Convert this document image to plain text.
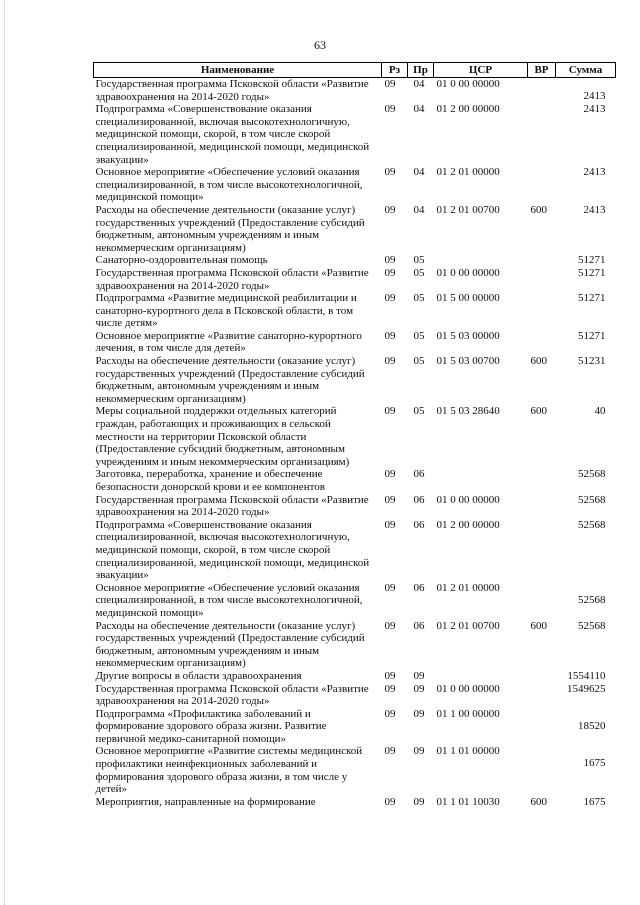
63
Наименование	Рз	Пр	ЦСР	ВР	Сумма
Государственная программа Псковской области «Развитие здравоохранения на 2014-2020 годы»	09	04	01 0 00 00000		2413
Подпрограмма «Совершенствование оказания специализированной, включая высокотехнологичную, медицинской помощи, скорой, в том числе скорой специализированной, медицинской помощи, медицинской эвакуации»	09	04	01 2 00 00000		2413
Основное мероприятие «Обеспечение условий оказания специализированной, в том числе высокотехнологичной, медицинской помощи»	09	04	01 2 01 00000		2413
Расходы на обеспечение деятельности (оказание услуг) государственных учреждений (Предоставление субсидий бюджетным, автономным учреждениям и иным некоммерческим организациям)	09	04	01 2 01 00700	600	2413
Санаторно-оздоровительная помощь	09	05			51271
Государственная программа Псковской области «Развитие здравоохранения на 2014-2020 годы»	09	05	01 0 00 00000		51271
Подпрограмма «Развитие медицинской реабилитации и санаторно-курортного дела в Псковской области, в том числе детям»	09	05	01 5 00 00000		51271
Основное мероприятие «Развитие санаторно-курортного лечения, в том числе для детей»	09	05	01 5 03 00000		51271
Расходы на обеспечение деятельности (оказание услуг) государственных учреждений (Предоставление субсидий бюджетным, автономным учреждениям и иным некоммерческим организациям)	09	05	01 5 03 00700	600	51231
Меры социальной поддержки отдельных категорий граждан, работающих и проживающих в сельской местности на территории Псковской области (Предоставление субсидий бюджетным, автономным учреждениям и иным некоммерческим организациям)	09	05	01 5 03 28640	600	40
Заготовка, переработка, хранение и обеспечение безопасности донорской крови и ее компонентов	09	06			52568
Государственная программа Псковской области «Развитие здравоохранения на 2014-2020 годы»	09	06	01 0 00 00000		52568
Подпрограмма «Совершенствование оказания специализированной, включая высокотехнологичную, медицинской помощи, скорой, в том числе скорой специализированной, медицинской помощи, медицинской эвакуации»	09	06	01 2 00 00000		52568
Основное мероприятие «Обеспечение условий оказания специализированной, в том числе высокотехнологичной, медицинской помощи»	09	06	01 2 01 00000		52568
Расходы на обеспечение деятельности (оказание услуг) государственных учреждений (Предоставление субсидий бюджетным, автономным учреждениям и иным некоммерческим организациям)	09	06	01 2 01 00700	600	52568
Другие вопросы в области здравоохранения	09	09			1554110
Государственная программа Псковской области «Развитие здравоохранения на 2014-2020 годы»	09	09	01 0 00 00000		1549625
Подпрограмма «Профилактика заболеваний и формирование здорового образа жизни. Развитие первичной медико-санитарной помощи»	09	09	01 1 00 00000		18520
Основное мероприятие «Развитие системы медицинской профилактики неинфекционных заболеваний и формирования здорового образа жизни, в том числе у детей»	09	09	01 1 01 00000		1675
Мероприятия, направленные на формирование	09	09	01 1 01 10030	600	1675
